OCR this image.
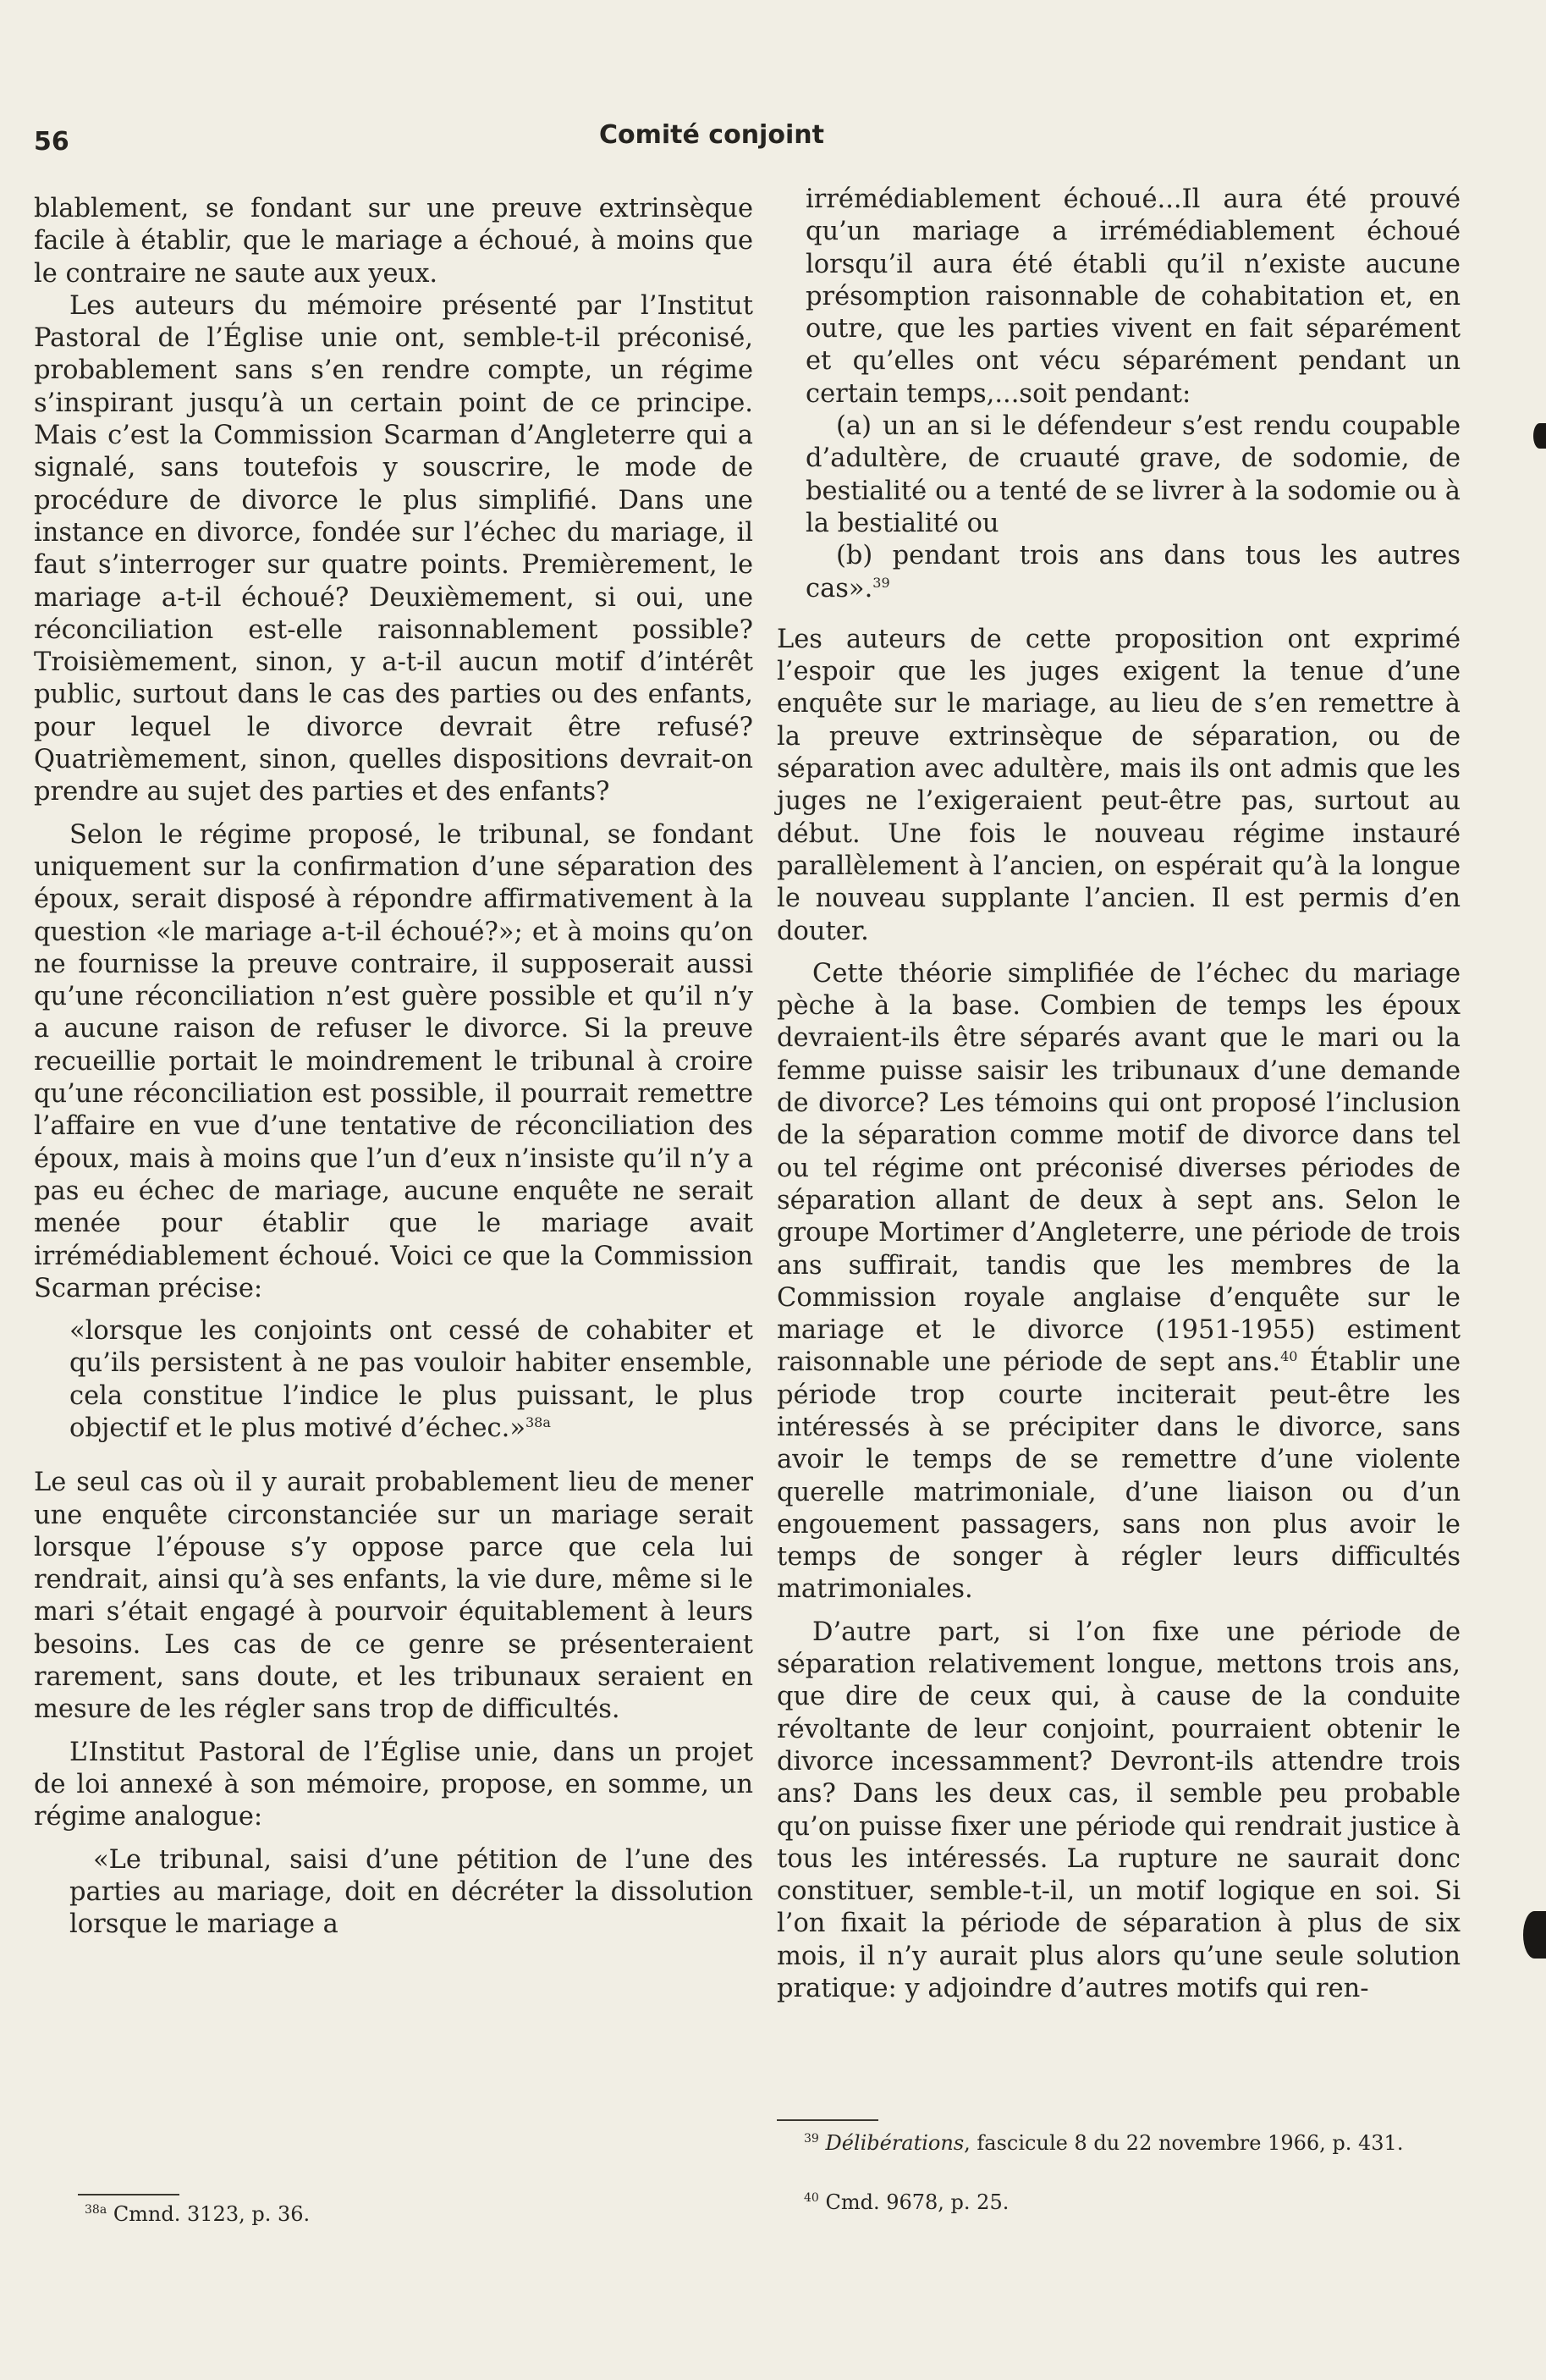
56	Comité conjoint

blablement, se fondant sur une preuve extrinsèque facile à établir, que le mariage a échoué, à moins que le contraire ne saute aux yeux.

Les auteurs du mémoire présenté par l’Institut Pastoral de l’Église unie ont, semble-t-il préconisé, probablement sans s’en rendre compte, un régime s’inspirant jusqu’à un certain point de ce principe. Mais c’est la Commission Scarman d’Angleterre qui a signalé, sans toutefois y souscrire, le mode de procédure de divorce le plus simplifié. Dans une instance en divorce, fondée sur l’échec du mariage, il faut s’interroger sur quatre points. Premièrement, le mariage a-t-il échoué? Deuxièmement, si oui, une réconciliation est-elle raisonnablement possible? Troisièmement, sinon, y a-t-il aucun motif d’intérêt public, surtout dans le cas des parties ou des enfants, pour lequel le divorce devrait être refusé? Quatrièmement, sinon, quelles dispositions devrait-on prendre au sujet des parties et des enfants?

Selon le régime proposé, le tribunal, se fondant uniquement sur la confirmation d’une séparation des époux, serait disposé à répondre affirmativement à la question «le mariage a-t-il échoué?»; et à moins qu’on ne fournisse la preuve contraire, il supposerait aussi qu’une réconciliation n’est guère possible et qu’il n’y a aucune raison de refuser le divorce. Si la preuve recueillie portait le moindrement le tribunal à croire qu’une réconciliation est possible, il pourrait remettre l’affaire en vue d’une tentative de réconciliation des époux, mais à moins que l’un d’eux n’insiste qu’il n’y a pas eu échec de mariage, aucune enquête ne serait menée pour établir que le mariage avait irrémédiablement échoué. Voici ce que la Commission Scarman précise:

«lorsque les conjoints ont cessé de cohabiter et qu’ils persistent à ne pas vouloir habiter ensemble, cela constitue l’indice le plus puissant, le plus objectif et le plus motivé d’échec.»$^{38a}$

Le seul cas où il y aurait probablement lieu de mener une enquête circonstanciée sur un mariage serait lorsque l’épouse s’y oppose parce que cela lui rendrait, ainsi qu’à ses enfants, la vie dure, même si le mari s’était engagé à pourvoir équitablement à leurs besoins. Les cas de ce genre se présenteraient rarement, sans doute, et les tribunaux seraient en mesure de les régler sans trop de difficultés.

L’Institut Pastoral de l’Église unie, dans un projet de loi annexé à son mémoire, propose, en somme, un régime analogue:

«Le tribunal, saisi d’une pétition de l’une des parties au mariage, doit en décréter la dissolution lorsque le mariage a

irrémédiablement échoué...Il aura été prouvé qu’un mariage a irrémédiablement échoué lorsqu’il aura été établi qu’il n’existe aucune présomption raisonnable de cohabitation et, en outre, que les parties vivent en fait séparément et qu’elles ont vécu séparément pendant un certain temps,...soit pendant:

(a) un an si le défendeur s’est rendu coupable d’adultère, de cruauté grave, de sodomie, de bestialité ou a tenté de se livrer à la sodomie ou à la bestialité ou

(b) pendant trois ans dans tous les autres cas».$^{39}$

Les auteurs de cette proposition ont exprimé l’espoir que les juges exigent la tenue d’une enquête sur le mariage, au lieu de s’en remettre à la preuve extrinsèque de séparation, ou de séparation avec adultère, mais ils ont admis que les juges ne l’exigeraient peut-être pas, surtout au début. Une fois le nouveau régime instauré parallèlement à l’ancien, on espérait qu’à la longue le nouveau supplante l’ancien. Il est permis d’en douter.

Cette théorie simplifiée de l’échec du mariage pèche à la base. Combien de temps les époux devraient-ils être séparés avant que le mari ou la femme puisse saisir les tribunaux d’une demande de divorce? Les témoins qui ont proposé l’inclusion de la séparation comme motif de divorce dans tel ou tel régime ont préconisé diverses périodes de séparation allant de deux à sept ans. Selon le groupe Mortimer d’Angleterre, une période de trois ans suffirait, tandis que les membres de la Commission royale anglaise d’enquête sur le mariage et le divorce (1951-1955) estiment raisonnable une période de sept ans.$^{40}$ Établir une période trop courte inciterait peut-être les intéressés à se précipiter dans le divorce, sans avoir le temps de se remettre d’une violente querelle matrimoniale, d’une liaison ou d’un engouement passagers, sans non plus avoir le temps de songer à régler leurs difficultés matrimoniales.

D’autre part, si l’on fixe une période de séparation relativement longue, mettons trois ans, que dire de ceux qui, à cause de la conduite révoltante de leur conjoint, pourraient obtenir le divorce incessamment? Devront-ils attendre trois ans? Dans les deux cas, il semble peu probable qu’on puisse fixer une période qui rendrait justice à tous les intéressés. La rupture ne saurait donc constituer, semble-t-il, un motif logique en soi. Si l’on fixait la période de séparation à plus de six mois, il n’y aurait plus alors qu’une seule solution pratique: y adjoindre d’autres motifs qui ren-

$^{38a}$ Cmnd. 3123, p. 36.
$^{39}$ Délibérations, fascicule 8 du 22 novembre 1966, p. 431.
$^{40}$ Cmd. 9678, p. 25.
